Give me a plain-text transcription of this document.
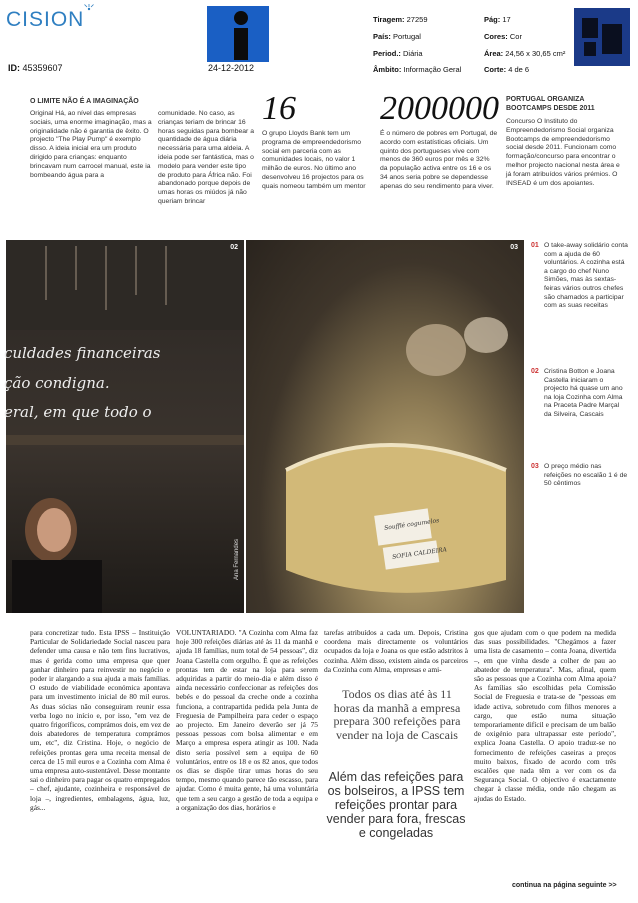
CISION
ID: 45359607	24-12-2012
Tiragem: 27259
País: Portugal
Period.: Diária
Âmbito: Informação Geral
Pág: 17
Cores: Cor
Área: 24,56 x 30,65 cm²
Corte: 4 de 6
O LIMITE NÃO É A IMAGINAÇÃO
Original Há, ao nível das empresas sociais, uma enorme imaginação, mas a originalidade não é garantia de êxito. O projecto "The Play Pump" é exemplo disso. A ideia inicial era um produto dirigido para crianças: enquanto brincavam num carrocel manual, este ia bombeando água para a
comunidade. No caso, as crianças teriam de brincar 16 horas seguidas para bombear a quantidade de água diária necessária para uma aldeia. A ideia pode ser fantástica, mas o modelo para vender este tipo de produto para África não. Foi abandonado porque depois de umas horas os miúdos já não queriam brincar
16
O grupo Lloyds Bank tem um programa de empreendedorismo social em parceria com as comunidades locais, no valor 1 milhão de euros. No último ano desenvolveu 16 projectos para os quais nomeou também um mentor
2000000
É o número de pobres em Portugal, de acordo com estatísticas oficiais. Um quinto dos portugueses vive com menos de 360 euros por mês e 32% da população activa entre os 16 e os 34 anos seria pobre se dependesse apenas do seu rendimento para viver.
PORTUGAL ORGANIZA BOOTCAMPS DESDE 2011
Concurso O Instituto do Empreendedorismo Social organiza Bootcamps de empreendedorismo social desde 2011. Funcionam como formação/concurso para encontrar o melhor projecto nacional nesta área e já foram atribuídos vários prémios. O INSEAD é um dos apoiantes.
02
culdades financeiras
ção condigna.
eral, em que todo o
03
Soufflé cogumelos
SOFIA CALDEIRA
Ana Fernandes
01 O take-away solidário conta com a ajuda de 60 voluntários. A cozinha está a cargo do chef Nuno Simões, mas às sextas-feiras vários outros chefes são chamados a participar com as suas receitas
02 Cristina Botton e Joana Castella iniciaram o projecto há quase um ano na loja Cozinha com Alma na Praceta Padre Marçal da Silveira, Cascais
03 O preço médio nas refeições no escalão 1 é de 50 cêntimos
para concretizar tudo. Esta IPSS – Instituição Particular de Solidariedade Social nasceu para defender uma causa e não tem fins lucrativos, mas é gerida como uma empresa que quer ganhar dinheiro para reinvestir no negócio e poder ir alargando a sua ajuda a mais famílias. O estudo de viabilidade económica apontava para um investimento inicial de 80 mil euros. As duas sócias não conseguiram reunir essa verba logo no início e, por isso, "em vez de quatro frigoríficos, comprámos dois, em vez de dois abatedores de temperatura comprámos um, etc", diz Cristina. Hoje, o negócio de refeições prontas gera uma receita mensal de cerca de 15 mil euros e a Cozinha com Alma é uma empresa auto-sustentável. Desse montante sai o dinheiro para pagar os quatro empregados – chef, ajudante, cozinheira e responsável de loja –, ingredientes, embalagens, água, luz, gás...
VOLUNTARIADO. "A Cozinha com Alma faz hoje 300 refeições diárias até às 11 da manhã e ajuda 18 famílias, num total de 54 pessoas", diz Joana Castella com orgulho. É que as refeições prontas tem de estar na loja para serem adquiridas a partir do meio-dia e além disso é ainda necessário confeccionar as refeições dos bebés e do pessoal da creche onde a cozinha funciona, a contrapartida pedida pela Junta de Freguesia de Pampilheira para ceder o espaço ao projecto. Em Janeiro deverão ser já 75 pessoas pessoas com bolsa alimentar e em Março a empresa espera atingir as 100. Nada disto seria possível sem a equipa de 60 voluntários, entre os 18 e os 82 anos, que todos os dias se dispõe tirar umas horas do seu tempo, mesmo quando parece tão escasso, para ajudar. Como é muita gente, há uma voluntária que tem a seu cargo a gestão de toda a equipa e a organização dos dias, horários e
tarefas atribuídos a cada um. Depois, Cristina coordena mais directamente os voluntários ocupados da loja e Joana os que estão adstritos à cozinha. Além disso, existem ainda os parceiros da Cozinha com Alma, empresas e ami-
Todos os dias até às 11 horas da manhã a empresa prepara 300 refeições para vender na loja de Cascais
Além das refeições para os bolseiros, a IPSS tem refeições prontar para vender para fora, frescas e congeladas
gos que ajudam com o que podem na medida das suas possibilidades. "Chegámos a fazer uma lista de casamento – conta Joana, divertida –, em que vinha desde a colher de pau ao abatedor de temperatura". Mas, afinal, quem são as pessoas que a Cozinha com Alma apoia? As famílias são escolhidas pela Comissão Social de Freguesia e trata-se de "pessoas em idade activa, sobretudo com filhos menores a cargo, que estão numa situação temporariamente difícil e precisam de um balão de oxigénio para ultrapassar este período", explica Joana Castella. O apoio traduz-se no fornecimento de refeições caseiras a preços muito baixos, fixado de acordo com três escalões que nada têm a ver com os da Segurança Social. O objectivo é exactamente chegar à classe média, onde não chegam as ajudas do Estado.
continua na página seguinte >>
